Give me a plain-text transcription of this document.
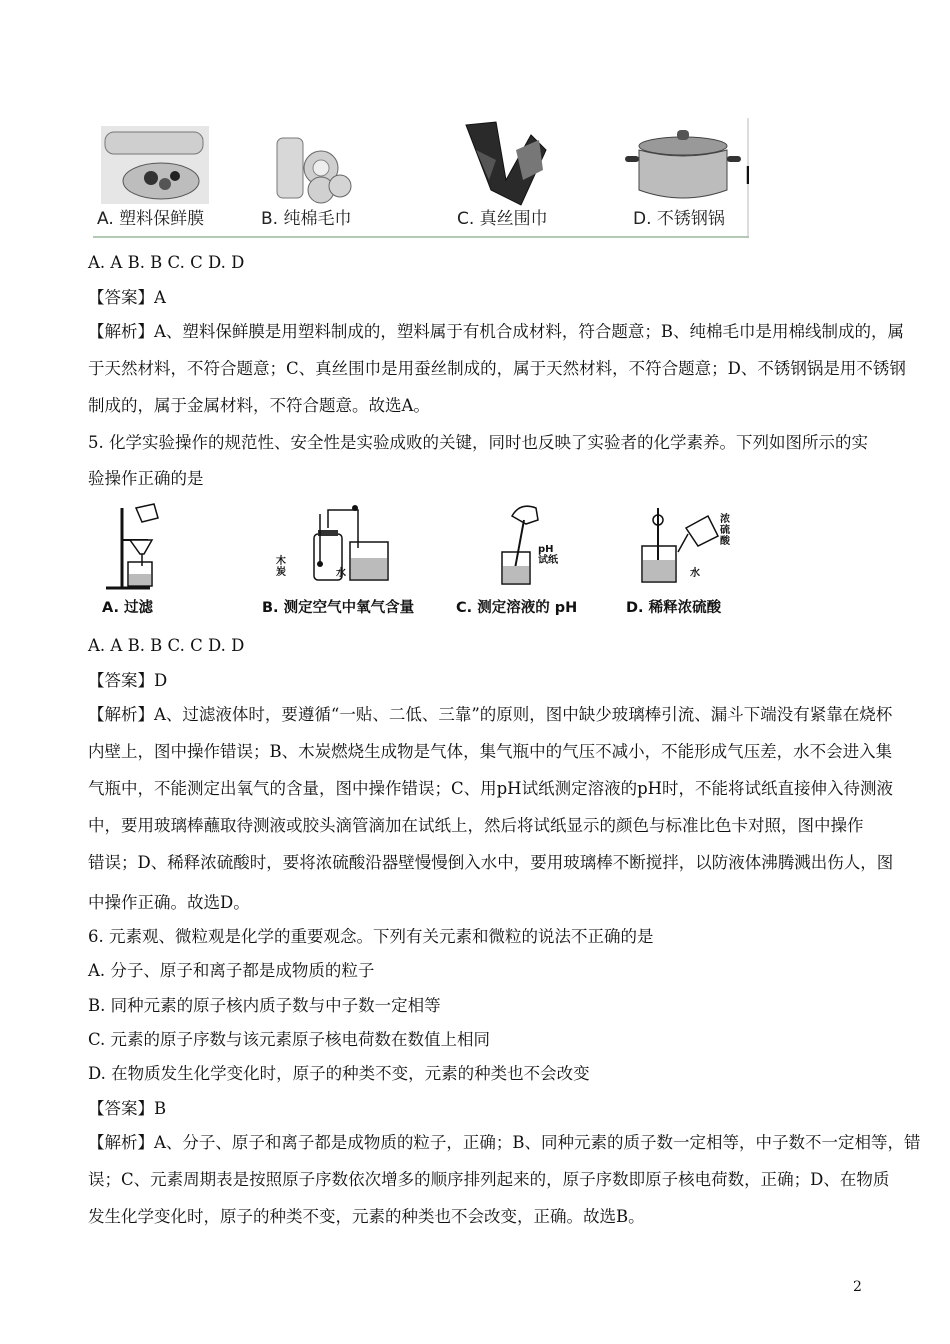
A. 塑料保鲜膜	B. 纯棉毛巾	C. 真丝围巾	D. 不锈钢锅
A. A B. B C. C D. D
【答案】A
【解析】A、塑料保鲜膜是用塑料制成的，塑料属于有机合成材料，符合题意；B、纯棉毛巾是用棉线制成的，属
于天然材料，不符合题意；C、真丝围巾是用蚕丝制成的，属于天然材料，不符合题意；D、不锈钢锅是用不锈钢
制成的，属于金属材料，不符合题意。故选A。
5. 化学实验操作的规范性、安全性是实验成败的关键，同时也反映了实验者的化学素养。下列如图所示的实
验操作正确的是
木
炭	水
pH
试纸
浓
硫
酸
水
A. 过滤	B. 测定空气中氧气含量	C. 测定溶液的 pH	D. 稀释浓硫酸
A. A B. B C. C D. D
【答案】D
【解析】A、过滤液体时，要遵循“一贴、二低、三靠”的原则，图中缺少玻璃棒引流、漏斗下端没有紧靠在烧杯
内壁上，图中操作错误；B、木炭燃烧生成物是气体，集气瓶中的气压不减小，不能形成气压差，水不会进入集
气瓶中，不能测定出氧气的含量，图中操作错误；C、用pH试纸测定溶液的pH时，不能将试纸直接伸入待测液
中，要用玻璃棒蘸取待测液或胶头滴管滴加在试纸上，然后将试纸显示的颜色与标准比色卡对照，图中操作
错误；D、稀释浓硫酸时，要将浓硫酸沿器壁慢慢倒入水中，要用玻璃棒不断搅拌，以防液体沸腾溅出伤人，图
中操作正确。故选D。
6. 元素观、微粒观是化学的重要观念。下列有关元素和微粒的说法不正确的是
A. 分子、原子和离子都是成物质的粒子
B. 同种元素的原子核内质子数与中子数一定相等
C. 元素的原子序数与该元素原子核电荷数在数值上相同
D. 在物质发生化学变化时，原子的种类不变，元素的种类也不会改变
【答案】B
【解析】A、分子、原子和离子都是成物质的粒子，正确；B、同种元素的质子数一定相等，中子数不一定相等，错
误；C、元素周期表是按照原子序数依次增多的顺序排列起来的，原子序数即原子核电荷数，正确；D、在物质
发生化学变化时，原子的种类不变，元素的种类也不会改变，正确。故选B。
2
